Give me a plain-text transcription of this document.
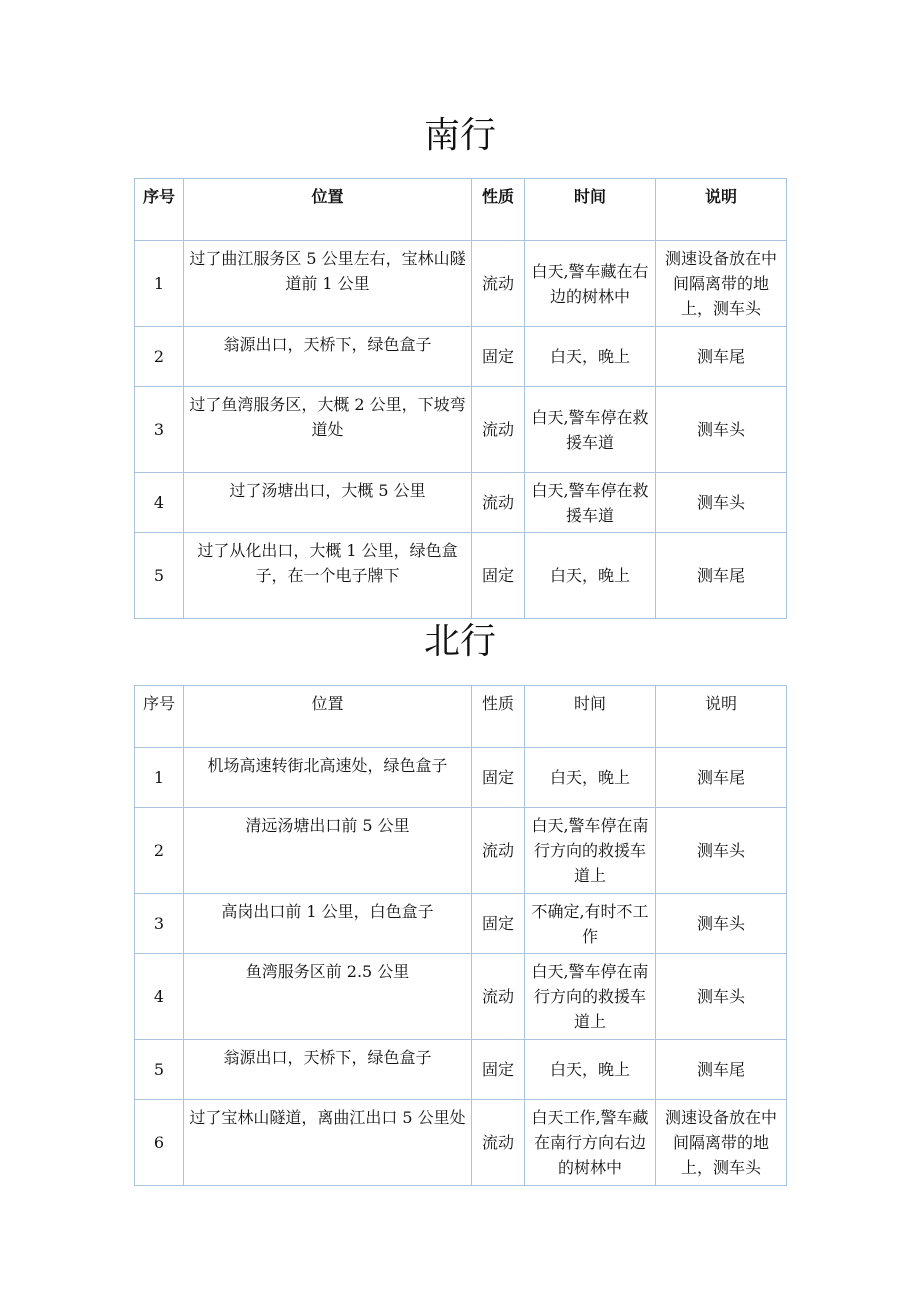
南行
序号	位置	性质	时间	说明
1	过了曲江服务区 5 公里左右，宝林山隧道前 1 公里	流动	白天,警车藏在右边的树林中	测速设备放在中间隔离带的地上，测车头
2	翁源出口，天桥下，绿色盒子	固定	白天，晚上	测车尾
3	过了鱼湾服务区，大概 2 公里，下坡弯道处	流动	白天,警车停在救援车道	测车头
4	过了汤塘出口，大概 5 公里	流动	白天,警车停在救援车道	测车头
5	过了从化出口，大概 1 公里，绿色盒子，在一个电子牌下	固定	白天，晚上	测车尾
北行
序号	位置	性质	时间	说明
1	机场高速转街北高速处，绿色盒子	固定	白天，晚上	测车尾
2	清远汤塘出口前 5 公里	流动	白天,警车停在南行方向的救援车道上	测车头
3	高岗出口前 1 公里，白色盒子	固定	不确定,有时不工作	测车头
4	鱼湾服务区前 2.5 公里	流动	白天,警车停在南行方向的救援车道上	测车头
5	翁源出口，天桥下，绿色盒子	固定	白天，晚上	测车尾
6	过了宝林山隧道，离曲江出口 5 公里处	流动	白天工作,警车藏在南行方向右边的树林中	测速设备放在中间隔离带的地上，测车头
